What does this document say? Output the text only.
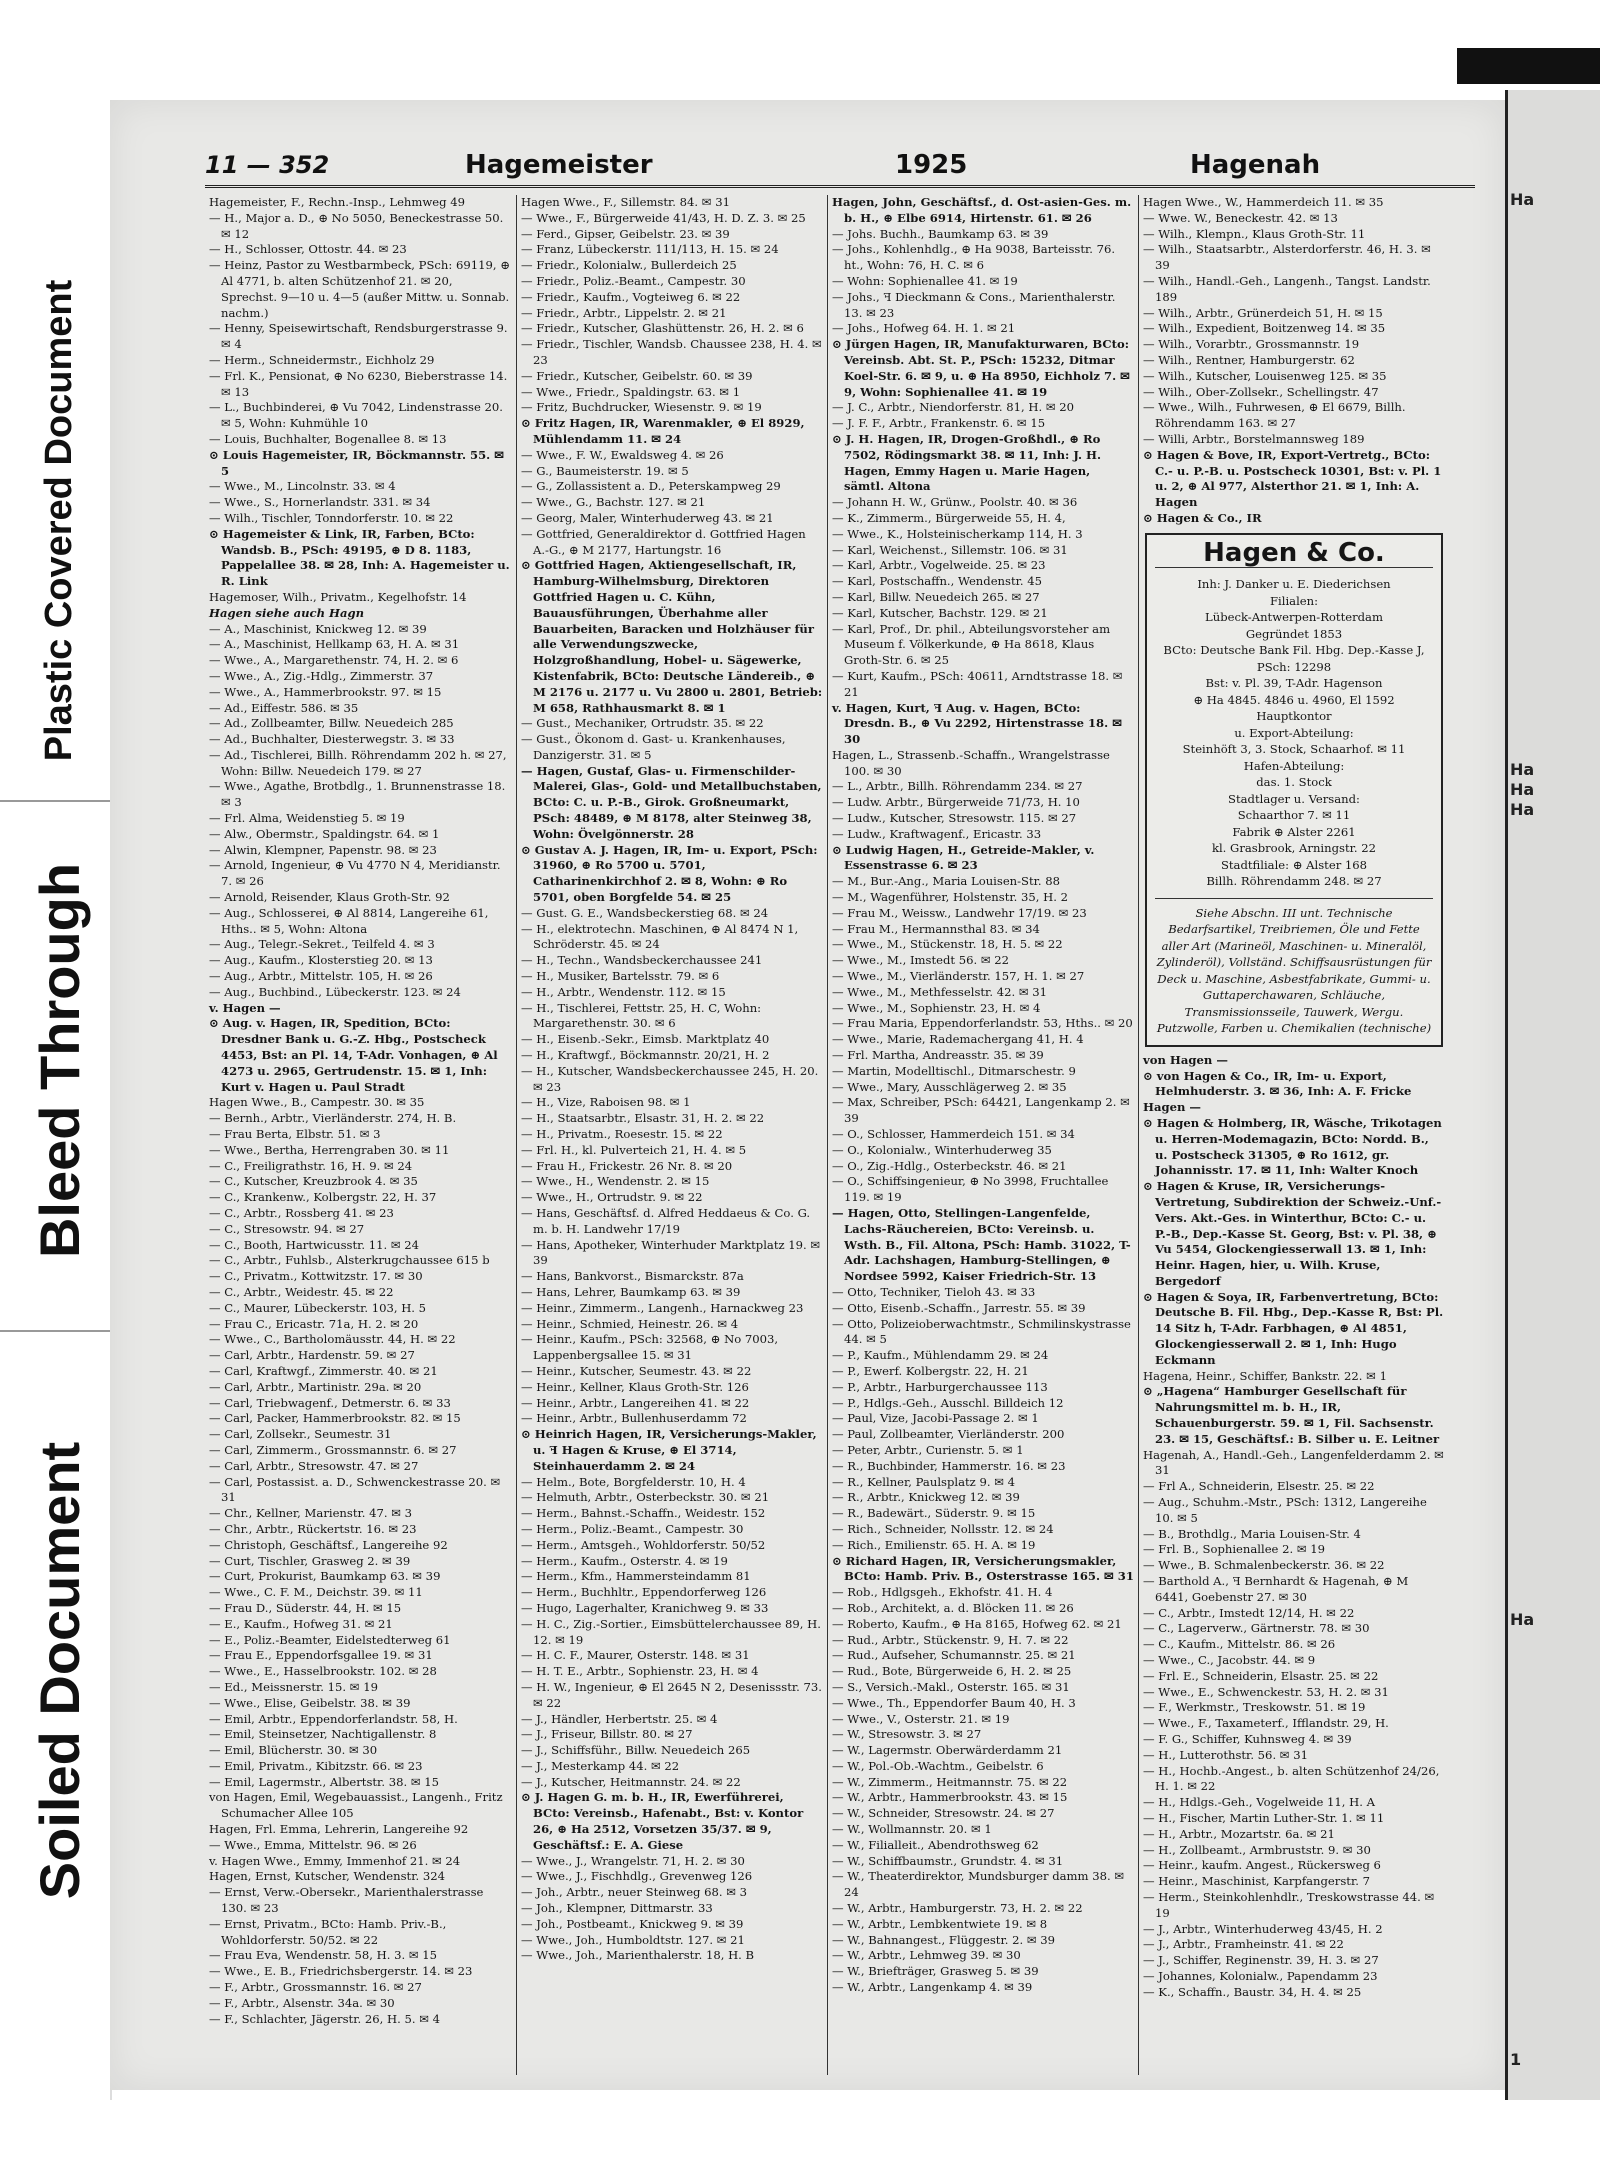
Plastic Covered Document
Bleed Through
Soiled Document
11 — 352	Hagemeister	1925	Hagenah

Hagemeister, F., Rechn.-Insp., Lehmweg 49

— H., Major a. D., ⊕ No 5050, Beneckestrasse 50. ✉ 12

— H., Schlosser, Ottostr. 44. ✉ 23

— Heinz, Pastor zu Westbarmbeck, PSch: 69119, ⊕ Al 4771, b. alten Schützenhof 21. ✉ 20, Sprechst. 9—10 u. 4—5 (außer Mittw. u. Sonnab. nachm.)

— Henny, Speisewirtschaft, Rendsburgerstrasse 9. ✉ 4

— Herm., Schneidermstr., Eichholz 29

— Frl. K., Pensionat, ⊕ No 6230, Bieberstrasse 14. ✉ 13

— L., Buchbinderei, ⊕ Vu 7042, Lindenstrasse 20. ✉ 5, Wohn: Kuhmühle 10

— Louis, Buchhalter, Bogenallee 8. ✉ 13

⊙ Louis Hagemeister, IR, Böckmannstr. 55. ✉ 5

— Wwe., M., Lincolnstr. 33. ✉ 4

— Wwe., S., Hornerlandstr. 331. ✉ 34

— Wilh., Tischler, Tonndorferstr. 10. ✉ 22

⊙ Hagemeister & Link, IR, Farben, BCto: Wandsb. B., PSch: 49195, ⊕ D 8. 1183, Pappelallee 38. ✉ 28, Inh: A. Hagemeister u. R. Link

Hagemoser, Wilh., Privatm., Kegelhofstr. 14

Hagen siehe auch Hagn

— A., Maschinist, Knickweg 12. ✉ 39

— A., Maschinist, Hellkamp 63, H. A. ✉ 31

— Wwe., A., Margarethenstr. 74, H. 2. ✉ 6

— Wwe., A., Zig.-Hdlg., Zimmerstr. 37

— Wwe., A., Hammerbrookstr. 97. ✉ 15

— Ad., Eiffestr. 586. ✉ 35

— Ad., Zollbeamter, Billw. Neuedeich 285

— Ad., Buchhalter, Diesterwegstr. 3. ✉ 33

— Ad., Tischlerei, Billh. Röhrendamm 202 h. ✉ 27, Wohn: Billw. Neuedeich 179. ✉ 27

— Wwe., Agathe, Brotbdlg., 1. Brunnenstrasse 18. ✉ 3

— Frl. Alma, Weidenstieg 5. ✉ 19

— Alw., Obermstr., Spaldingstr. 64. ✉ 1

— Alwin, Klempner, Papenstr. 98. ✉ 23

— Arnold, Ingenieur, ⊕ Vu 4770 N 4, Meridianstr. 7. ✉ 26

— Arnold, Reisender, Klaus Groth-Str. 92

— Aug., Schlosserei, ⊕ Al 8814, Langereihe 61, Hths.. ✉ 5, Wohn: Altona

— Aug., Telegr.-Sekret., Teilfeld 4. ✉ 3

— Aug., Kaufm., Klosterstieg 20. ✉ 13

— Aug., Arbtr., Mittelstr. 105, H. ✉ 26

— Aug., Buchbind., Lübeckerstr. 123. ✉ 24

v. Hagen —

⊙ Aug. v. Hagen, IR, Spedition, BCto: Dresdner Bank u. G.-Z. Hbg., Postscheck 4453, Bst: an Pl. 14, T-Adr. Vonhagen, ⊕ Al 4273 u. 2965, Gertrudenstr. 15. ✉ 1, Inh: Kurt v. Hagen u. Paul Stradt

Hagen Wwe., B., Campestr. 30. ✉ 35

— Bernh., Arbtr., Vierländerstr. 274, H. B.

— Frau Berta, Elbstr. 51. ✉ 3

— Wwe., Bertha, Herrengraben 30. ✉ 11

— C., Freiligrathstr. 16, H. 9. ✉ 24

— C., Kutscher, Kreuzbrook 4. ✉ 35

— C., Krankenw., Kolbergstr. 22, H. 37

— C., Arbtr., Rossberg 41. ✉ 23

— C., Stresowstr. 94. ✉ 27

— C., Booth, Hartwicusstr. 11. ✉ 24

— C., Arbtr., Fuhlsb., Alsterkrugchaussee 615 b

— C., Privatm., Kottwitzstr. 17. ✉ 30

— C., Arbtr., Weidestr. 45. ✉ 22

— C., Maurer, Lübeckerstr. 103, H. 5

— Frau C., Ericastr. 71a, H. 2. ✉ 20

— Wwe., C., Bartholomäusstr. 44, H. ✉ 22

— Carl, Arbtr., Hardenstr. 59. ✉ 27

— Carl, Kraftwgf., Zimmerstr. 40. ✉ 21

— Carl, Arbtr., Martinistr. 29a. ✉ 20

— Carl, Triebwagenf., Detmerstr. 6. ✉ 33

— Carl, Packer, Hammerbrookstr. 82. ✉ 15

— Carl, Zollsekr., Seumestr. 31

— Carl, Zimmerm., Grossmannstr. 6. ✉ 27

— Carl, Arbtr., Stresowstr. 47. ✉ 27

— Carl, Postassist. a. D., Schwenckestrasse 20. ✉ 31

— Chr., Kellner, Marienstr. 47. ✉ 3

— Chr., Arbtr., Rückertstr. 16. ✉ 23

— Christoph, Geschäftsf., Langereihe 92

— Curt, Tischler, Grasweg 2. ✉ 39

— Curt, Prokurist, Baumkamp 63. ✉ 39

— Wwe., C. F. M., Deichstr. 39. ✉ 11

— Frau D., Süderstr. 44, H. ✉ 15

— E., Kaufm., Hofweg 31. ✉ 21

— E., Poliz.-Beamter, Eidelstedterweg 61

— Frau E., Eppendorfsgallee 19. ✉ 31

— Wwe., E., Hasselbrookstr. 102. ✉ 28

— Ed., Meissnerstr. 15. ✉ 19

— Wwe., Elise, Geibelstr. 38. ✉ 39

— Emil, Arbtr., Eppendorferlandstr. 58, H.

— Emil, Steinsetzer, Nachtigallenstr. 8

— Emil, Blücherstr. 30. ✉ 30

— Emil, Privatm., Kibitzstr. 66. ✉ 23

— Emil, Lagermstr., Albertstr. 38. ✉ 15

von Hagen, Emil, Wegebauassist., Langenh., Fritz Schumacher Allee 105

Hagen, Frl. Emma, Lehrerin, Langereihe 92

— Wwe., Emma, Mittelstr. 96. ✉ 26

v. Hagen Wwe., Emmy, Immenhof 21. ✉ 24

Hagen, Ernst, Kutscher, Wendenstr. 324

— Ernst, Verw.-Obersekr., Marienthalerstrasse 130. ✉ 23

— Ernst, Privatm., BCto: Hamb. Priv.-B., Wohldorferstr. 50/52. ✉ 22

— Frau Eva, Wendenstr. 58, H. 3. ✉ 15

— Wwe., E. B., Friedrichsbergerstr. 14. ✉ 23

— F., Arbtr., Grossmannstr. 16. ✉ 27

— F., Arbtr., Alsenstr. 34a. ✉ 30

— F., Schlachter, Jägerstr. 26, H. 5. ✉ 4

Hagen Wwe., F., Sillemstr. 84. ✉ 31

— Wwe., F., Bürgerweide 41/43, H. D. Z. 3. ✉ 25

— Ferd., Gipser, Geibelstr. 23. ✉ 39

— Franz, Lübeckerstr. 111/113, H. 15. ✉ 24

— Friedr., Kolonialw., Bullerdeich 25

— Friedr., Poliz.-Beamt., Campestr. 30

— Friedr., Kaufm., Vogteiweg 6. ✉ 22

— Friedr., Arbtr., Lippelstr. 2. ✉ 21

— Friedr., Kutscher, Glashüttenstr. 26, H. 2. ✉ 6

— Friedr., Tischler, Wandsb. Chaussee 238, H. 4. ✉ 23

— Friedr., Kutscher, Geibelstr. 60. ✉ 39

— Wwe., Friedr., Spaldingstr. 63. ✉ 1

— Fritz, Buchdrucker, Wiesenstr. 9. ✉ 19

⊙ Fritz Hagen, IR, Warenmakler, ⊕ El 8929, Mühlendamm 11. ✉ 24

— Wwe., F. W., Ewaldsweg 4. ✉ 26

— G., Baumeisterstr. 19. ✉ 5

— G., Zollassistent a. D., Peterskampweg 29

— Wwe., G., Bachstr. 127. ✉ 21

— Georg, Maler, Winterhuderweg 43. ✉ 21

— Gottfried, Generaldirektor d. Gottfried Hagen A.-G., ⊕ M 2177, Hartungstr. 16

⊙ Gottfried Hagen, Aktiengesellschaft, IR, Hamburg-Wilhelmsburg, Direktoren Gottfried Hagen u. C. Kühn, Bauausführungen, Überhahme aller Bauarbeiten, Baracken und Holzhäuser für alle Verwendungszwecke, Holzgroßhandlung, Hobel- u. Sägewerke, Kistenfabrik, BCto: Deutsche Ländereib., ⊕ M 2176 u. 2177 u. Vu 2800 u. 2801, Betrieb: M 658, Rathhausmarkt 8. ✉ 1

— Gust., Mechaniker, Ortrudstr. 35. ✉ 22

— Gust., Ökonom d. Gast- u. Krankenhauses, Danzigerstr. 31. ✉ 5

— Hagen, Gustaf, Glas- u. Firmenschilder-Malerei, Glas-, Gold- und Metallbuchstaben, BCto: C. u. P.-B., Girok. Großneumarkt, PSch: 48489, ⊕ M 8178, alter Steinweg 38, Wohn: Övelgönnerstr. 28

⊙ Gustav A. J. Hagen, IR, Im- u. Export, PSch: 31960, ⊕ Ro 5700 u. 5701, Catharinenkirchhof 2. ✉ 8, Wohn: ⊕ Ro 5701, oben Borgfelde 54. ✉ 25

— Gust. G. E., Wandsbeckerstieg 68. ✉ 24

— H., elektrotechn. Maschinen, ⊕ Al 8474 N 1, Schröderstr. 45. ✉ 24

— H., Techn., Wandsbeckerchaussee 241

— H., Musiker, Bartelsstr. 79. ✉ 6

— H., Arbtr., Wendenstr. 112. ✉ 15

— H., Tischlerei, Fettstr. 25, H. C, Wohn: Margarethenstr. 30. ✉ 6

— H., Eisenb.-Sekr., Eimsb. Marktplatz 40

— H., Kraftwgf., Böckmannstr. 20/21, H. 2

— H., Kutscher, Wandsbeckerchaussee 245, H. 20. ✉ 23

— H., Vize, Raboisen 98. ✉ 1

— H., Staatsarbtr., Elsastr. 31, H. 2. ✉ 22

— H., Privatm., Roesestr. 15. ✉ 22

— Frl. H., kl. Pulverteich 21, H. 4. ✉ 5

— Frau H., Frickestr. 26 Nr. 8. ✉ 20

— Wwe., H., Wendenstr. 2. ✉ 15

— Wwe., H., Ortrudstr. 9. ✉ 22

— Hans, Geschäftsf. d. Alfred Heddaeus & Co. G. m. b. H. Landwehr 17/19

— Hans, Apotheker, Winterhuder Marktplatz 19. ✉ 39

— Hans, Bankvorst., Bismarckstr. 87a

— Hans, Lehrer, Baumkamp 63. ✉ 39

— Heinr., Zimmerm., Langenh., Harnackweg 23

— Heinr., Schmied, Heinestr. 26. ✉ 4

— Heinr., Kaufm., PSch: 32568, ⊕ No 7003, Lappenbergsallee 15. ✉ 31

— Heinr., Kutscher, Seumestr. 43. ✉ 22

— Heinr., Kellner, Klaus Groth-Str. 126

— Heinr., Arbtr., Langereihen 41. ✉ 22

— Heinr., Arbtr., Bullenhuserdamm 72

⊙ Heinrich Hagen, IR, Versicherungs-Makler, u. ꟻ Hagen & Kruse, ⊕ El 3714, Steinhauerdamm 2. ✉ 24

— Helm., Bote, Borgfelderstr. 10, H. 4

— Helmuth, Arbtr., Osterbeckstr. 30. ✉ 21

— Herm., Bahnst.-Schaffn., Weidestr. 152

— Herm., Poliz.-Beamt., Campestr. 30

— Herm., Amtsgeh., Wohldorferstr. 50/52

— Herm., Kaufm., Osterstr. 4. ✉ 19

— Herm., Kfm., Hammersteindamm 81

— Herm., Buchhltr., Eppendorferweg 126

— Hugo, Lagerhalter, Kranichweg 9. ✉ 33

— H. C., Zig.-Sortier., Eimsbüttelerchaussee 89, H. 12. ✉ 19

— H. C. F., Maurer, Osterstr. 148. ✉ 31

— H. T. E., Arbtr., Sophienstr. 23, H. ✉ 4

— H. W., Ingenieur, ⊕ El 2645 N 2, Desenissstr. 73. ✉ 22

— J., Händler, Herbertstr. 25. ✉ 4

— J., Friseur, Billstr. 80. ✉ 27

— J., Schiffsführ., Billw. Neuedeich 265

— J., Mesterkamp 44. ✉ 22

— J., Kutscher, Heitmannstr. 24. ✉ 22

⊙ J. Hagen G. m. b. H., IR, Ewerführerei, BCto: Vereinsb., Hafenabt., Bst: v. Kontor 26, ⊕ Ha 2512, Vorsetzen 35/37. ✉ 9, Geschäftsf.: E. A. Giese

— Wwe., J., Wrangelstr. 71, H. 2. ✉ 30

— Wwe., J., Fischhdlg., Grevenweg 126

— Joh., Arbtr., neuer Steinweg 68. ✉ 3

— Joh., Klempner, Dittmarstr. 33

— Joh., Postbeamt., Knickweg 9. ✉ 39

— Wwe., Joh., Humboldtstr. 127. ✉ 21

— Wwe., Joh., Marienthalerstr. 18, H. B

Hagen, John, Geschäftsf., d. Ost-asien-Ges. m. b. H., ⊕ Elbe 6914, Hirtenstr. 61. ✉ 26

— Johs. Buchh., Baumkamp 63. ✉ 39

— Johs., Kohlenhdlg., ⊕ Ha 9038, Barteisstr. 76. ht., Wohn: 76, H. C. ✉ 6

— Wohn: Sophienallee 41. ✉ 19

— Johs., ꟻ Dieckmann & Cons., Marienthalerstr. 13. ✉ 23

— Johs., Hofweg 64. H. 1. ✉ 21

⊙ Jürgen Hagen, IR, Manufakturwaren, BCto: Vereinsb. Abt. St. P., PSch: 15232, Ditmar Koel-Str. 6. ✉ 9, u. ⊕ Ha 8950, Eichholz 7. ✉ 9, Wohn: Sophienallee 41. ✉ 19

— J. C., Arbtr., Niendorferstr. 81, H. ✉ 20

— J. F. F., Arbtr., Frankenstr. 6. ✉ 15

⊙ J. H. Hagen, IR, Drogen-Großhdl., ⊕ Ro 7502, Rödingsmarkt 38. ✉ 11, Inh: J. H. Hagen, Emmy Hagen u. Marie Hagen, sämtl. Altona

— Johann H. W., Grünw., Poolstr. 40. ✉ 36

— K., Zimmerm., Bürgerweide 55, H. 4,

— Wwe., K., Holsteinischerkamp 114, H. 3

— Karl, Weichenst., Sillemstr. 106. ✉ 31

— Karl, Arbtr., Vogelweide. 25. ✉ 23

— Karl, Postschaffn., Wendenstr. 45

— Karl, Billw. Neuedeich 265. ✉ 27

— Karl, Kutscher, Bachstr. 129. ✉ 21

— Karl, Prof., Dr. phil., Abteilungsvorsteher am Museum f. Völkerkunde, ⊕ Ha 8618, Klaus Groth-Str. 6. ✉ 25

— Kurt, Kaufm., PSch: 40611, Arndtstrasse 18. ✉ 21

v. Hagen, Kurt, ꟻ Aug. v. Hagen, BCto: Dresdn. B., ⊕ Vu 2292, Hirtenstrasse 18. ✉ 30

Hagen, L., Strassenb.-Schaffn., Wrangelstrasse 100. ✉ 30

— L., Arbtr., Billh. Röhrendamm 234. ✉ 27

— Ludw. Arbtr., Bürgerweide 71/73, H. 10

— Ludw., Kutscher, Stresowstr. 115. ✉ 27

— Ludw., Kraftwagenf., Ericastr. 33

⊙ Ludwig Hagen, H., Getreide-Makler, v. Essenstrasse 6. ✉ 23

— M., Bur.-Ang., Maria Louisen-Str. 88

— M., Wagenführer, Holstenstr. 35, H. 2

— Frau M., Weissw., Landwehr 17/19. ✉ 23

— Frau M., Hermannsthal 83. ✉ 34

— Wwe., M., Stückenstr. 18, H. 5. ✉ 22

— Wwe., M., Imstedt 56. ✉ 22

— Wwe., M., Vierländerstr. 157, H. 1. ✉ 27

— Wwe., M., Methfesselstr. 42. ✉ 31

— Wwe., M., Sophienstr. 23, H. ✉ 4

— Frau Maria, Eppendorferlandstr. 53, Hths.. ✉ 20

— Wwe., Marie, Rademachergang 41, H. 4

— Frl. Martha, Andreasstr. 35. ✉ 39

— Martin, Modelltischl., Ditmarschestr. 9

— Wwe., Mary, Ausschlägerweg 2. ✉ 35

— Max, Schreiber, PSch: 64421, Langenkamp 2. ✉ 39

— O., Schlosser, Hammerdeich 151. ✉ 34

— O., Kolonialw., Winterhuderweg 35

— O., Zig.-Hdlg., Osterbeckstr. 46. ✉ 21

— O., Schiffsingenieur, ⊕ No 3998, Fruchtallee 119. ✉ 19

— Hagen, Otto, Stellingen-Langenfelde, Lachs-Räuchereien, BCto: Vereinsb. u. Wsth. B., Fil. Altona, PSch: Hamb. 31022, T-Adr. Lachshagen, Hamburg-Stellingen, ⊕ Nordsee 5992, Kaiser Friedrich-Str. 13

— Otto, Techniker, Tieloh 43. ✉ 33

— Otto, Eisenb.-Schaffn., Jarrestr. 55. ✉ 39

— Otto, Polizeioberwachtmstr., Schmilinskystrasse 44. ✉ 5

— P., Kaufm., Mühlendamm 29. ✉ 24

— P., Ewerf. Kolbergstr. 22, H. 21

— P., Arbtr., Harburgerchaussee 113

— P., Hdlgs.-Geh., Ausschl. Billdeich 12

— Paul, Vize, Jacobi-Passage 2. ✉ 1

— Paul, Zollbeamter, Vierländerstr. 200

— Peter, Arbtr., Curienstr. 5. ✉ 1

— R., Buchbinder, Hammerstr. 16. ✉ 23

— R., Kellner, Paulsplatz 9. ✉ 4

— R., Arbtr., Knickweg 12. ✉ 39

— R., Badewärt., Süderstr. 9. ✉ 15

— Rich., Schneider, Nollsstr. 12. ✉ 24

— Rich., Emilienstr. 65. H. A. ✉ 19

⊙ Richard Hagen, IR, Versicherungsmakler, BCto: Hamb. Priv. B., Osterstrasse 165. ✉ 31

— Rob., Hdlgsgeh., Ekhofstr. 41. H. 4

— Rob., Architekt, a. d. Blöcken 11. ✉ 26

— Roberto, Kaufm., ⊕ Ha 8165, Hofweg 62. ✉ 21

— Rud., Arbtr., Stückenstr. 9, H. 7. ✉ 22

— Rud., Aufseher, Schumannstr. 25. ✉ 21

— Rud., Bote, Bürgerweide 6, H. 2. ✉ 25

— S., Versich.-Makl., Osterstr. 165. ✉ 31

— Wwe., Th., Eppendorfer Baum 40, H. 3

— Wwe., V., Osterstr. 21. ✉ 19

— W., Stresowstr. 3. ✉ 27

— W., Lagermstr. Oberwärderdamm 21

— W., Pol.-Ob.-Wachtm., Geibelstr. 6

— W., Zimmerm., Heitmannstr. 75. ✉ 22

— W., Arbtr., Hammerbrookstr. 43. ✉ 15

— W., Schneider, Stresowstr. 24. ✉ 27

— W., Wollmannstr. 20. ✉ 1

— W., Filialleit., Abendrothsweg 62

— W., Schiffbaumstr., Grundstr. 4. ✉ 31

— W., Theaterdirektor, Mundsburger damm 38. ✉ 24

— W., Arbtr., Hamburgerstr. 73, H. 2. ✉ 22

— W., Arbtr., Lembkentwiete 19. ✉ 8

— W., Bahnangest., Flüggestr. 2. ✉ 39

— W., Arbtr., Lehmweg 39. ✉ 30

— W., Briefträger, Grasweg 5. ✉ 39

— W., Arbtr., Langenkamp 4. ✉ 39

Hagen Wwe., W., Hammerdeich 11. ✉ 35

— Wwe. W., Beneckestr. 42. ✉ 13

— Wilh., Klempn., Klaus Groth-Str. 11

— Wilh., Staatsarbtr., Alsterdorferstr. 46, H. 3. ✉ 39

— Wilh., Handl.-Geh., Langenh., Tangst. Landstr. 189

— Wilh., Arbtr., Grünerdeich 51, H. ✉ 15

— Wilh., Expedient, Boitzenweg 14. ✉ 35

— Wilh., Vorarbtr., Grossmannstr. 19

— Wilh., Rentner, Hamburgerstr. 62

— Wilh., Kutscher, Louisenweg 125. ✉ 35

— Wilh., Ober-Zollsekr., Schellingstr. 47

— Wwe., Wilh., Fuhrwesen, ⊕ El 6679, Billh. Röhrendamm 163. ✉ 27

— Willi, Arbtr., Borstelmannsweg 189

⊙ Hagen & Bove, IR, Export-Vertretg., BCto: C.- u. P.-B. u. Postscheck 10301, Bst: v. Pl. 1 u. 2, ⊕ Al 977, Alsterthor 21. ✉ 1, Inh: A. Hagen

⊙ Hagen & Co., IR

Hagen & Co.

Inh: J. Danker u. E. Diederichsen

Filialen:

Lübeck-Antwerpen-Rotterdam

Gegründet 1853

BCto: Deutsche Bank Fil. Hbg. Dep.-Kasse J, PSch: 12298

Bst: v. Pl. 39, T-Adr. Hagenson

⊕ Ha 4845. 4846 u. 4960, El 1592

Hauptkontor

u. Export-Abteilung:

Steinhöft 3, 3. Stock, Schaarhof. ✉ 11

Hafen-Abteilung:

das. 1. Stock

Stadtlager u. Versand:

Schaarthor 7. ✉ 11

Fabrik ⊕ Alster 2261

kl. Grasbrook, Arningstr. 22

Stadtfiliale: ⊕ Alster 168

Billh. Röhrendamm 248. ✉ 27

Siehe Abschn. III unt. Technische Bedarfsartikel, Treibriemen, Öle und Fette aller Art (Marineöl, Maschinen- u. Mineralöl, Zylinderöl), Vollständ. Schiffsausrüstungen für Deck u. Maschine, Asbestfabrikate, Gummi- u. Guttaperchawaren, Schläuche, Transmissionsseile, Tauwerk, Wergu. Putzwolle, Farben u. Chemikalien (technische)

von Hagen —

⊙ von Hagen & Co., IR, Im- u. Export, Helmhuderstr. 3. ✉ 36, Inh: A. F. Fricke

Hagen —

⊙ Hagen & Holmberg, IR, Wäsche, Trikotagen u. Herren-Modemagazin, BCto: Nordd. B., u. Postscheck 31305, ⊕ Ro 1612, gr. Johannisstr. 17. ✉ 11, Inh: Walter Knoch

⊙ Hagen & Kruse, IR, Versicherungs-Vertretung, Subdirektion der Schweiz.-Unf.-Vers. Akt.-Ges. in Winterthur, BCto: C.- u. P.-B., Dep.-Kasse St. Georg, Bst: v. Pl. 38, ⊕ Vu 5454, Glockengiesserwall 13. ✉ 1, Inh: Heinr. Hagen, hier, u. Wilh. Kruse, Bergedorf

⊙ Hagen & Soya, IR, Farbenvertretung, BCto: Deutsche B. Fil. Hbg., Dep.-Kasse R, Bst: Pl. 14 Sitz h, T-Adr. Farbhagen, ⊕ Al 4851, Glockengiesserwall 2. ✉ 1, Inh: Hugo Eckmann

Hagena, Heinr., Schiffer, Bankstr. 22. ✉ 1

⊙ „Hagena“ Hamburger Gesellschaft für Nahrungsmittel m. b. H., IR, Schauenburgerstr. 59. ✉ 1, Fil. Sachsenstr. 23. ✉ 15, Geschäftsf.: B. Silber u. E. Leitner

Hagenah, A., Handl.-Geh., Langenfelderdamm 2. ✉ 31

— Frl A., Schneiderin, Elsestr. 25. ✉ 22

— Aug., Schuhm.-Mstr., PSch: 1312, Langereihe 10. ✉ 5

— B., Brothdlg., Maria Louisen-Str. 4

— Frl. B., Sophienallee 2. ✉ 19

— Wwe., B. Schmalenbeckerstr. 36. ✉ 22

— Barthold A., ꟻ Bernhardt & Hagenah, ⊕ M 6441, Goebenstr 27. ✉ 30

— C., Arbtr., Imstedt 12/14, H. ✉ 22

— C., Lagerverw., Gärtnerstr. 78. ✉ 30

— C., Kaufm., Mittelstr. 86. ✉ 26

— Wwe., C., Jacobstr. 44. ✉ 9

— Frl. E., Schneiderin, Elsastr. 25. ✉ 22

— Wwe., E., Schwenckestr. 53, H. 2. ✉ 31

— F., Werkmstr., Treskowstr. 51. ✉ 19

— Wwe., F., Taxameterf., Ifflandstr. 29, H.

— F. G., Schiffer, Kuhnsweg 4. ✉ 39

— H., Lutterothstr. 56. ✉ 31

— H., Hochb.-Angest., b. alten Schützenhof 24/26, H. 1. ✉ 22

— H., Hdlgs.-Geh., Vogelweide 11, H. A

— H., Fischer, Martin Luther-Str. 1. ✉ 11

— H., Arbtr., Mozartstr. 6a. ✉ 21

— H., Zollbeamt., Armbruststr. 9. ✉ 30

— Heinr., kaufm. Angest., Rückersweg 6

— Heinr., Maschinist, Karpfangerstr. 7

— Herm., Steinkohlenhdlr., Treskowstrasse 44. ✉ 19

— J., Arbtr., Winterhuderweg 43/45, H. 2

— J., Arbtr., Framheinstr. 41. ✉ 22

— J., Schiffer, Reginenstr. 39, H. 3. ✉ 27

— Johannes, Kolonialw., Papendamm 23

— K., Schaffn., Baustr. 34, H. 4. ✉ 25

Ha
Ha
Ha
Ha
Ha
1
